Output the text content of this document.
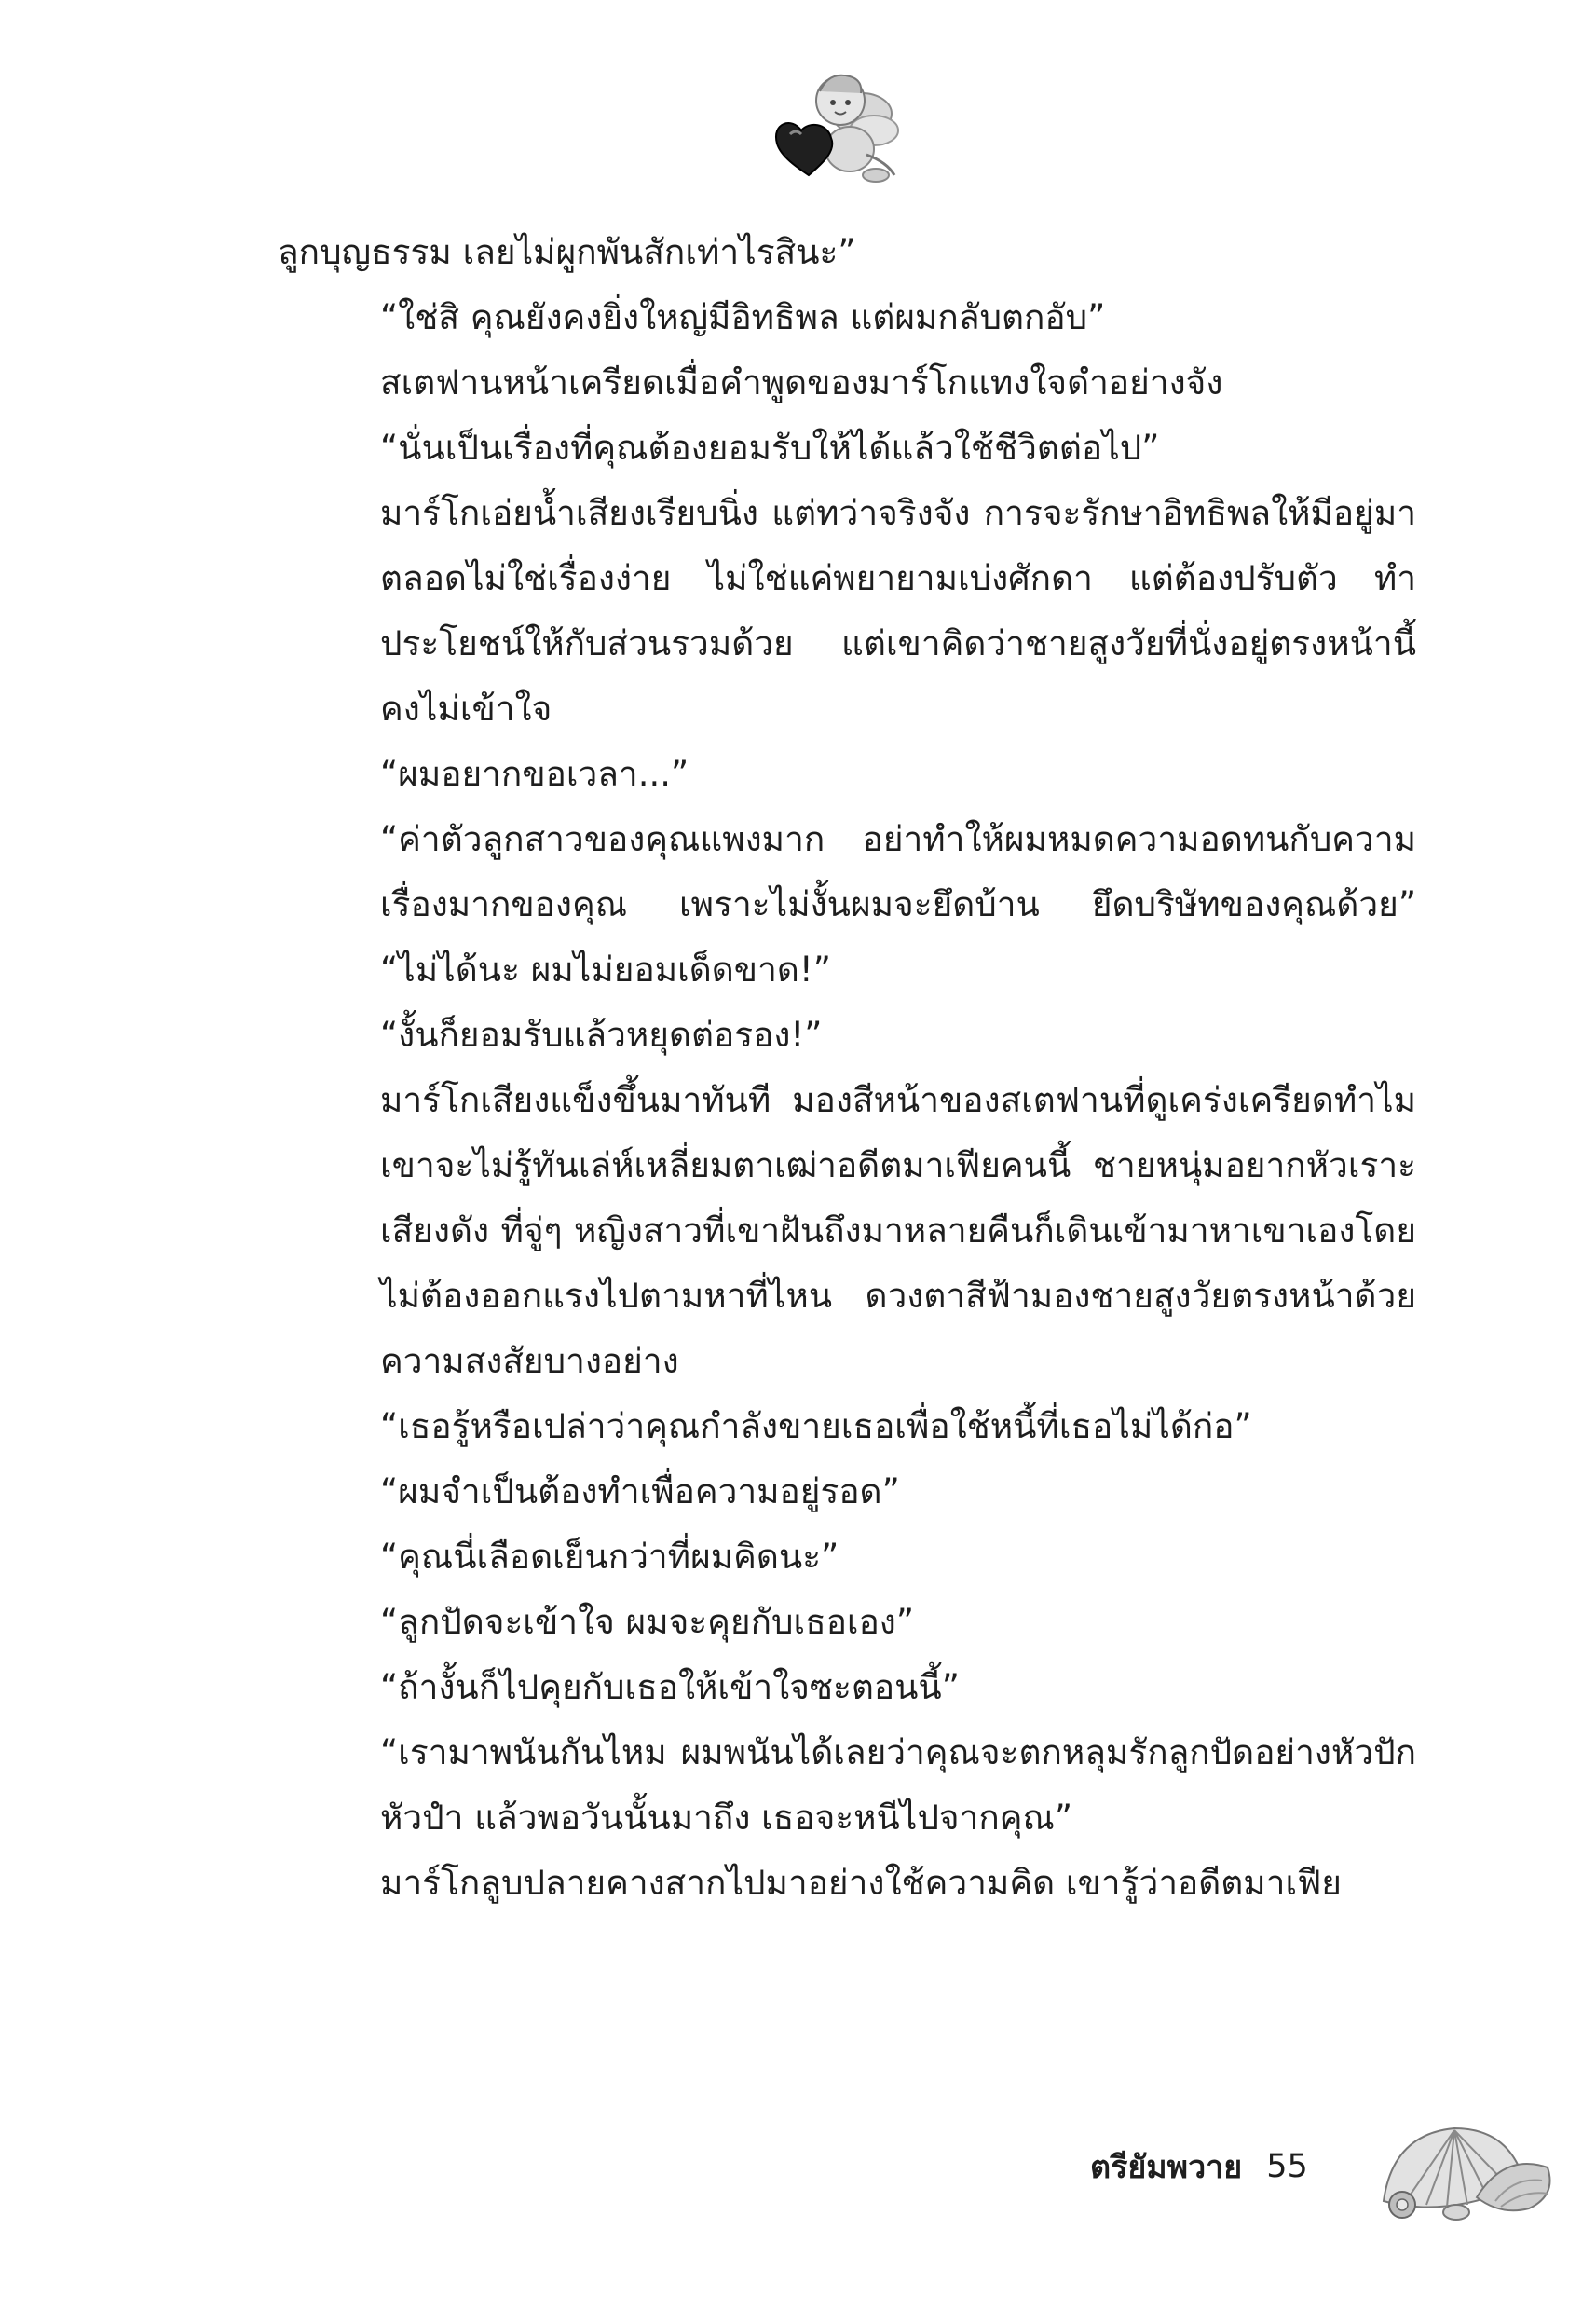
ลูกบุญธรรม เลยไม่ผูกพันสักเท่าไรสินะ”

“ใช่สิ คุณยังคงยิ่งใหญ่มีอิทธิพล แต่ผมกลับตกอับ”

สเตฟานหน้าเครียดเมื่อคำพูดของมาร์โกแทงใจดำอย่างจัง

“นั่นเป็นเรื่องที่คุณต้องยอมรับให้ได้แล้วใช้ชีวิตต่อไป”

มาร์โกเอ่ยน้ำเสียงเรียบนิ่ง แต่ทว่าจริงจัง การจะรักษาอิทธิพลให้มีอยู่มาตลอดไม่ใช่เรื่องง่าย ไม่ใช่แค่พยายามเบ่งศักดา แต่ต้องปรับตัว ทำประโยชน์ให้กับส่วนรวมด้วย แต่เขาคิดว่าชายสูงวัยที่นั่งอยู่ตรงหน้านี้คงไม่เข้าใจ

“ผมอยากขอเวลา...”

“ค่าตัวลูกสาวของคุณแพงมาก อย่าทำให้ผมหมดความอดทนกับความเรื่องมากของคุณ เพราะไม่งั้นผมจะยึดบ้าน ยึดบริษัทของคุณด้วย”

“ไม่ได้นะ ผมไม่ยอมเด็ดขาด!”

“งั้นก็ยอมรับแล้วหยุดต่อรอง!”

มาร์โกเสียงแข็งขึ้นมาทันที มองสีหน้าของสเตฟานที่ดูเคร่งเครียดทำไมเขาจะไม่รู้ทันเล่ห์เหลี่ยมตาเฒ่าอดีตมาเฟียคนนี้ ชายหนุ่มอยากหัวเราะเสียงดัง ที่จู่ๆ หญิงสาวที่เขาฝันถึงมาหลายคืนก็เดินเข้ามาหาเขาเองโดยไม่ต้องออกแรงไปตามหาที่ไหน ดวงตาสีฟ้ามองชายสูงวัยตรงหน้าด้วยความสงสัยบางอย่าง

“เธอรู้หรือเปล่าว่าคุณกำลังขายเธอเพื่อใช้หนี้ที่เธอไม่ได้ก่อ”

“ผมจำเป็นต้องทำเพื่อความอยู่รอด”

“คุณนี่เลือดเย็นกว่าที่ผมคิดนะ”

“ลูกปัดจะเข้าใจ ผมจะคุยกับเธอเอง”

“ถ้างั้นก็ไปคุยกับเธอให้เข้าใจซะตอนนี้”

“เรามาพนันกันไหม ผมพนันได้เลยว่าคุณจะตกหลุมรักลูกปัดอย่างหัวปักหัวปำ แล้วพอวันนั้นมาถึง เธอจะหนีไปจากคุณ”

มาร์โกลูบปลายคางสากไปมาอย่างใช้ความคิด เขารู้ว่าอดีตมาเฟีย

ตรียัมพวาย 55
